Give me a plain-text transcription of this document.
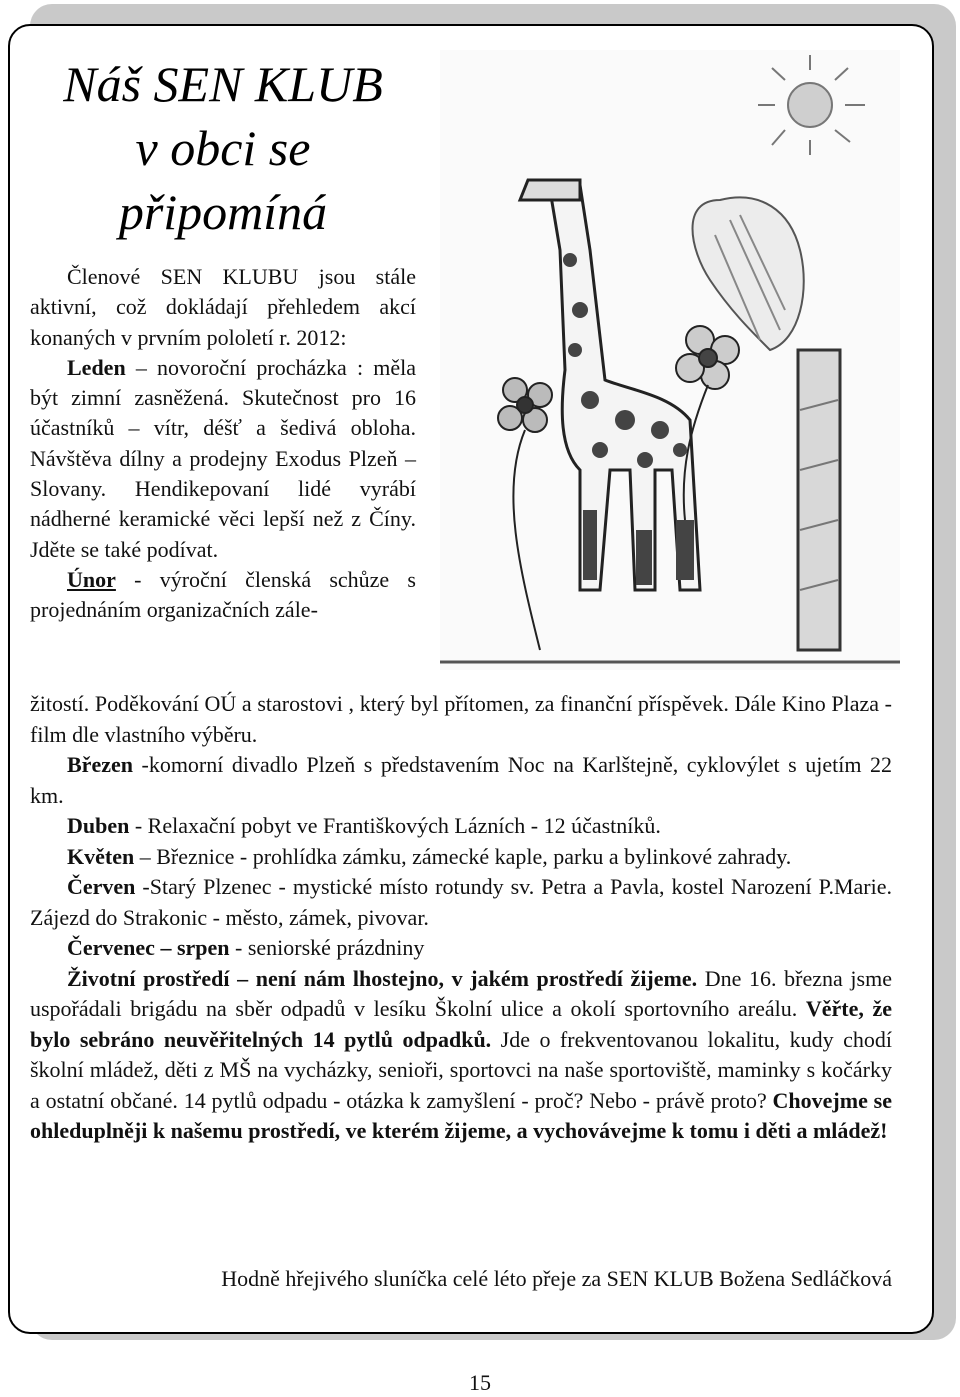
Náš SEN KLUB
v obci se
připomíná

Členové SEN KLUBU jsou stále aktivní, což dokládají přehledem akcí konaných v prvním pololetí r. 2012:

Leden – novoroční procházka : měla být zimní zasněžená. Skutečnost pro 16 účastníků – vítr, déšť a šedivá obloha. Návštěva dílny a prodejny Exodus Plzeň – Slovany. Hendikepovaní lidé vyrábí nádherné keramické věci lepší než z Číny. Jděte se také podívat.

Únor - výroční členská schůze s projednáním organizačních zále-

žitostí. Poděkování OÚ a starostovi , který byl přítomen, za finanční příspěvek. Dále Kino Plaza - film dle vlastního výběru.

Březen -komorní divadlo Plzeň s představením Noc na Karlštejně, cyklovýlet s ujetím 22 km.

Duben - Relaxační pobyt ve Františkových Lázních - 12 účastníků.

Květen – Březnice - prohlídka zámku, zámecké kaple, parku a bylinkové zahrady.

Červen -Starý Plzenec - mystické místo rotundy sv. Petra a Pavla, kostel Narození P.Marie. Zájezd do Strakonic - město, zámek, pivovar.

Červenec – srpen - seniorské prázdniny

Životní prostředí – není nám lhostejno, v jakém prostředí žijeme. Dne 16. března jsme uspořádali brigádu na sběr odpadů v lesíku Školní ulice a okolí sportovního areálu. Věřte, že bylo sebráno neuvěřitelných 14 pytlů odpadků. Jde o frekventovanou lokalitu, kudy chodí školní mládež, děti z MŠ na vycházky, senioři, sportovci na naše sportoviště, maminky s kočárky a ostatní občané. 14 pytlů odpadu - otázka k zamyšlení - proč? Nebo - právě proto? Chovejme se ohleduplněji k našemu prostředí, ve kterém žijeme, a vychovávejme k tomu i děti a mládež!

Hodně hřejivého sluníčka celé léto přeje za SEN KLUB Božena Sedláčková
15
